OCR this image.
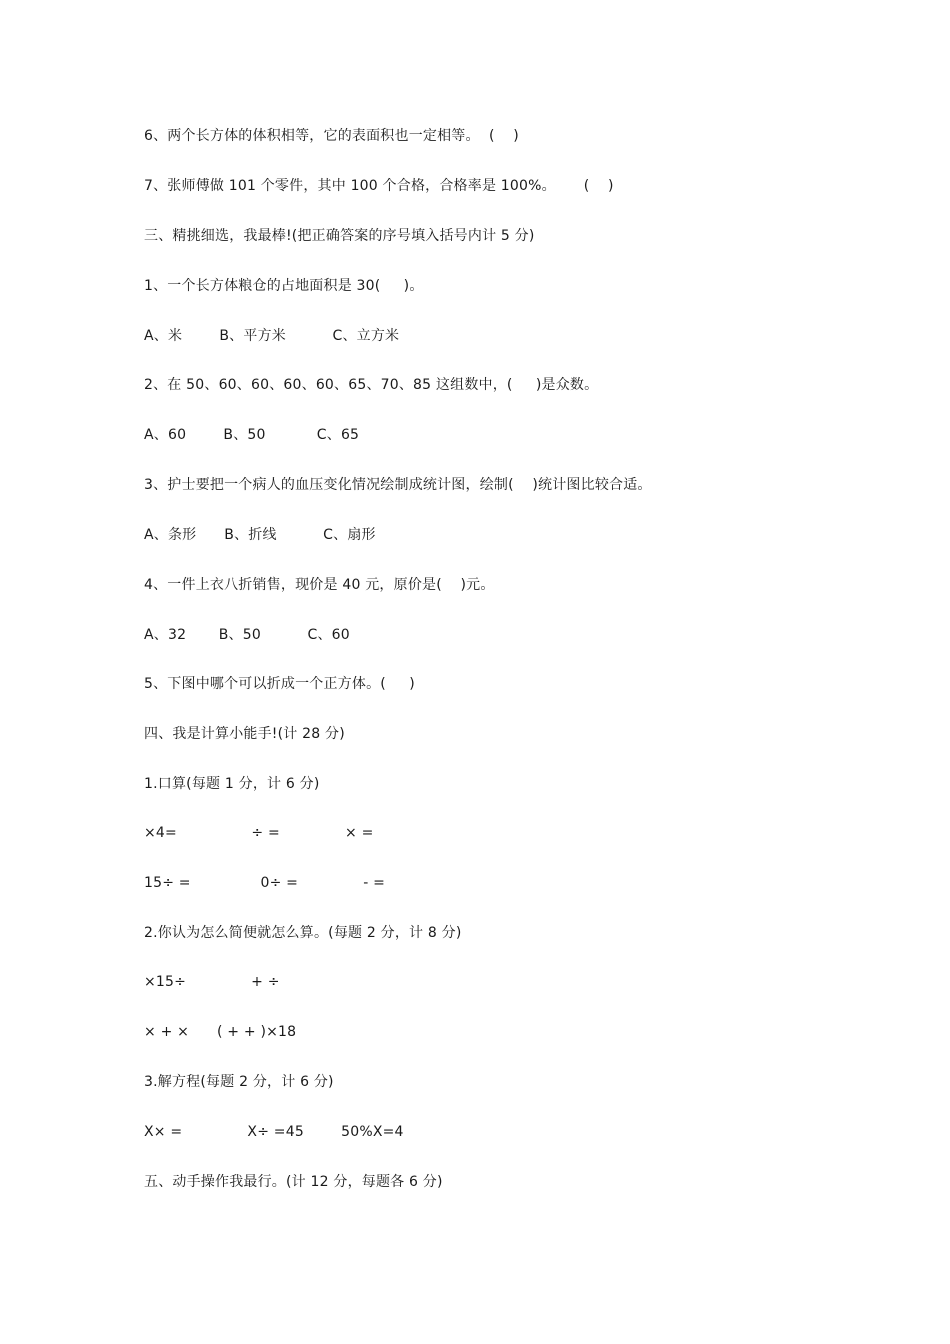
6、两个长方体的体积相等，它的表面积也一定相等。  (    )
7、张师傅做 101 个零件，其中 100 个合格，合格率是 100%。      (    )
三、精挑细选，我最棒!(把正确答案的序号填入括号内计 5 分)
1、一个长方体粮仓的占地面积是 30(     )。
A、米        B、平方米          C、立方米
2、在 50、60、60、60、60、65、70、85 这组数中，(     )是众数。
A、60        B、50           C、65
3、护士要把一个病人的血压变化情况绘制成统计图，绘制(    )统计图比较合适。
A、条形      B、折线          C、扇形
4、一件上衣八折销售，现价是 40 元，原价是(    )元。
A、32       B、50          C、60
5、下图中哪个可以折成一个正方体。(     )
四、我是计算小能手!(计 28 分)
1.口算(每题 1 分，计 6 分)
×4=                ÷ =              × =
15÷ =               0÷ =              - =
2.你认为怎么简便就怎么算。(每题 2 分，计 8 分)
×15÷              + ÷
× + ×      ( + + )×18
3.解方程(每题 2 分，计 6 分)
X× =              X÷ =45        50%X=4
五、动手操作我最行。(计 12 分，每题各 6 分)
